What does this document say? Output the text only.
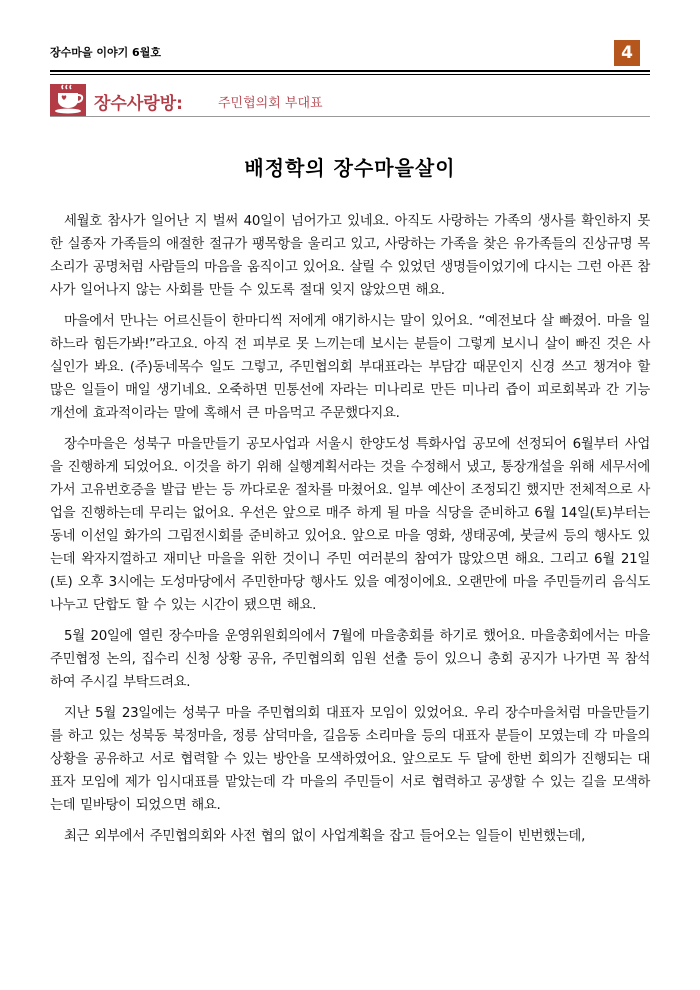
장수마을 이야기 6월호	4
장수사랑방:	주민협의회 부대표
배정학의 장수마을살이

세월호 참사가 일어난 지 벌써 40일이 넘어가고 있네요. 아직도 사랑하는 가족의 생사를 확인하지 못한 실종자 가족들의 애절한 절규가 팽목항을 울리고 있고, 사랑하는 가족을 찾은 유가족들의 진상규명 목소리가 공명처럼 사람들의 마음을 움직이고 있어요. 살릴 수 있었던 생명들이었기에 다시는 그런 아픈 참사가 일어나지 않는 사회를 만들 수 있도록 절대 잊지 않았으면 해요.

마을에서 만나는 어르신들이 한마디씩 저에게 얘기하시는 말이 있어요. “예전보다 살 빠졌어. 마을 일하느라 힘든가봐!”라고요. 아직 전 피부로 못 느끼는데 보시는 분들이 그렇게 보시니 살이 빠진 것은 사실인가 봐요. (주)동네목수 일도 그렇고, 주민협의회 부대표라는 부담감 때문인지 신경 쓰고 챙겨야 할 많은 일들이 매일 생기네요. 오죽하면 민통선에 자라는 미나리로 만든 미나리 즙이 피로회복과 간 기능 개선에 효과적이라는 말에 혹해서 큰 마음먹고 주문했다지요.

장수마을은 성북구 마을만들기 공모사업과 서울시 한양도성 특화사업 공모에 선정되어 6월부터 사업을 진행하게 되었어요. 이것을 하기 위해 실행계획서라는 것을 수정해서 냈고, 통장개설을 위해 세무서에 가서 고유번호증을 발급 받는 등 까다로운 절차를 마쳤어요. 일부 예산이 조정되긴 했지만 전체적으로 사업을 진행하는데 무리는 없어요. 우선은 앞으로 매주 하게 될 마을 식당을 준비하고 6월 14일(토)부터는 동네 이선일 화가의 그림전시회를 준비하고 있어요. 앞으로 마을 영화, 생태공예, 붓글씨 등의 행사도 있는데 왁자지껄하고 재미난 마을을 위한 것이니 주민 여러분의 참여가 많았으면 해요. 그리고 6월 21일(토) 오후 3시에는 도성마당에서 주민한마당 행사도 있을 예정이에요. 오랜만에 마을 주민들끼리 음식도 나누고 단합도 할 수 있는 시간이 됐으면 해요.

5월 20일에 열린 장수마을 운영위원회의에서 7월에 마을총회를 하기로 했어요. 마을총회에서는 마을주민협정 논의, 집수리 신청 상황 공유, 주민협의회 임원 선출 등이 있으니 총회 공지가 나가면 꼭 참석하여 주시길 부탁드려요.

지난 5월 23일에는 성북구 마을 주민협의회 대표자 모임이 있었어요. 우리 장수마을처럼 마을만들기를 하고 있는 성북동 북정마을, 정릉 삼덕마을, 길음동 소리마을 등의 대표자 분들이 모였는데 각 마을의 상황을 공유하고 서로 협력할 수 있는 방안을 모색하였어요. 앞으로도 두 달에 한번 회의가 진행되는 대표자 모임에 제가 임시대표를 맡았는데 각 마을의 주민들이 서로 협력하고 공생할 수 있는 길을 모색하는데 밑바탕이 되었으면 해요.

최근 외부에서 주민협의회와 사전 협의 없이 사업계획을 잡고 들어오는 일들이 빈번했는데,
